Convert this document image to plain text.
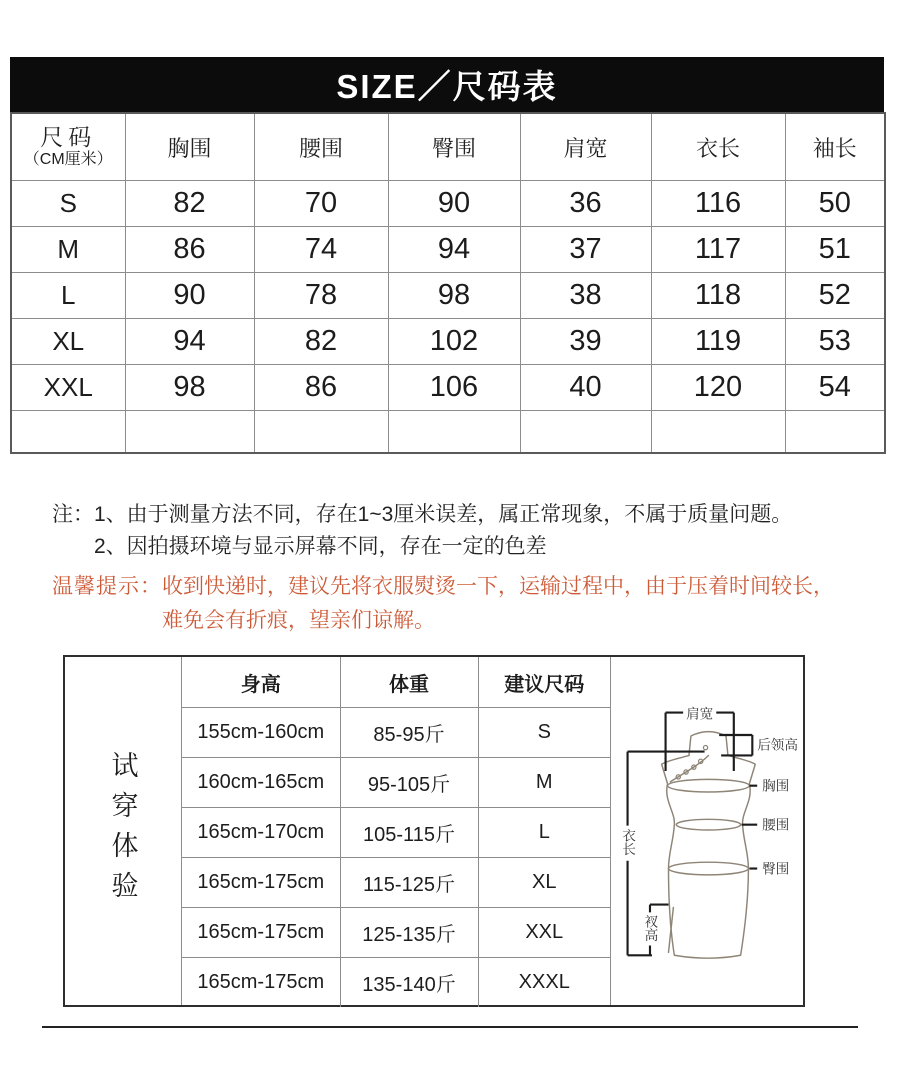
SIZE／尺码表
尺码
（CM厘米）	胸围	腰围	臀围	肩宽	衣长	袖长
S	82	70	90	36	116	50
M	86	74	94	37	117	51
L	90	78	98	38	118	52
XL	94	82	102	39	119	53
XXL	98	86	106	40	120	54

注： 1、由于测量方法不同，存在1~3厘米误差，属正常现象，不属于质量问题。
2、因拍摄环境与显示屏幕不同，存在一定的色差
温馨提示： 收到快递时，建议先将衣服熨烫一下，运输过程中，由于压着时间较长，
难免会有折痕，望亲们谅解。
试穿体验
身高	体重	建议尺码
155cm-160cm	85-95斤	S
160cm-165cm	95-105斤	M
165cm-170cm	105-115斤	L
165cm-175cm	115-125斤	XL
165cm-175cm	125-135斤	XXL
165cm-175cm	135-140斤	XXXL
肩宽
后领高
胸围
腰围
臀围
衣长
衩高
